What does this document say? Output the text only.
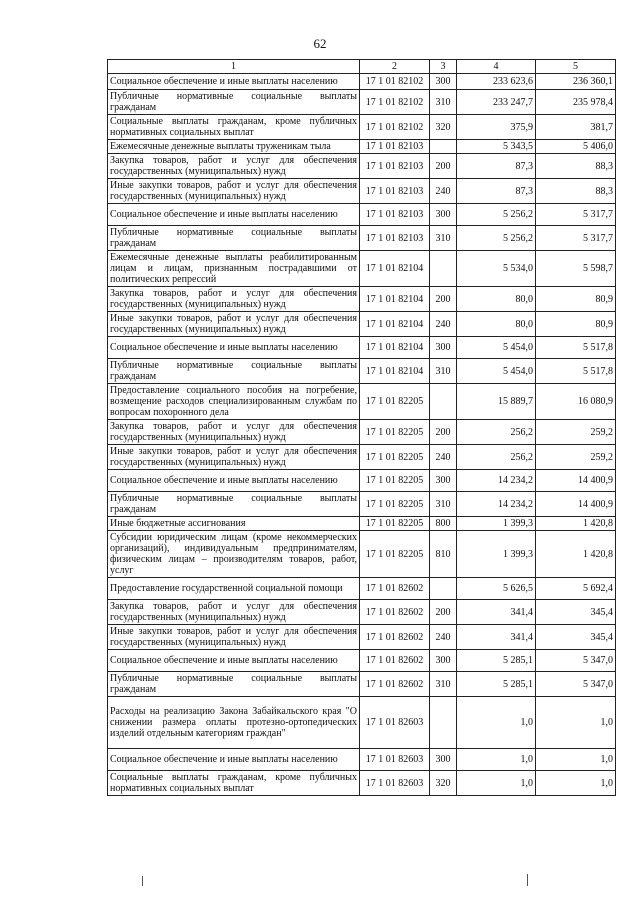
62
1	2	3	4	5
Социальное обеспечение и иные выплаты населению	17 1 01 82102	300	233 623,6	236 360,1
Публичные нормативные социальные выплаты гражданам	17 1 01 82102	310	233 247,7	235 978,4
Социальные выплаты гражданам, кроме публичных нормативных социальных выплат	17 1 01 82102	320	375,9	381,7
Ежемесячные денежные выплаты труженикам тыла	17 1 01 82103		5 343,5	5 406,0
Закупка товаров, работ и услуг для обеспечения государственных (муниципальных) нужд	17 1 01 82103	200	87,3	88,3
Иные закупки товаров, работ и услуг для обеспечения государственных (муниципальных) нужд	17 1 01 82103	240	87,3	88,3
Социальное обеспечение и иные выплаты населению	17 1 01 82103	300	5 256,2	5 317,7
Публичные нормативные социальные выплаты гражданам	17 1 01 82103	310	5 256,2	5 317,7
Ежемесячные денежные выплаты реабилитированным лицам и лицам, признанным пострадавшими от политических репрессий	17 1 01 82104		5 534,0	5 598,7
Закупка товаров, работ и услуг для обеспечения государственных (муниципальных) нужд	17 1 01 82104	200	80,0	80,9
Иные закупки товаров, работ и услуг для обеспечения государственных (муниципальных) нужд	17 1 01 82104	240	80,0	80,9
Социальное обеспечение и иные выплаты населению	17 1 01 82104	300	5 454,0	5 517,8
Публичные нормативные социальные выплаты гражданам	17 1 01 82104	310	5 454,0	5 517,8
Предоставление социального пособия на погребение, возмещение расходов специализированным службам по вопросам похоронного дела	17 1 01 82205		15 889,7	16 080,9
Закупка товаров, работ и услуг для обеспечения государственных (муниципальных) нужд	17 1 01 82205	200	256,2	259,2
Иные закупки товаров, работ и услуг для обеспечения государственных (муниципальных) нужд	17 1 01 82205	240	256,2	259,2
Социальное обеспечение и иные выплаты населению	17 1 01 82205	300	14 234,2	14 400,9
Публичные нормативные социальные выплаты гражданам	17 1 01 82205	310	14 234,2	14 400,9
Иные бюджетные ассигнования	17 1 01 82205	800	1 399,3	1 420,8
Субсидии юридическим лицам (кроме некоммерческих организаций), индивидуальным предпринимателям, физическим лицам – производителям товаров, работ, услуг	17 1 01 82205	810	1 399,3	1 420,8
Предоставление государственной социальной помощи	17 1 01 82602		5 626,5	5 692,4
Закупка товаров, работ и услуг для обеспечения государственных (муниципальных) нужд	17 1 01 82602	200	341,4	345,4
Иные закупки товаров, работ и услуг для обеспечения государственных (муниципальных) нужд	17 1 01 82602	240	341,4	345,4
Социальное обеспечение и иные выплаты населению	17 1 01 82602	300	5 285,1	5 347,0
Публичные нормативные социальные выплаты гражданам	17 1 01 82602	310	5 285,1	5 347,0
Расходы на реализацию Закона Забайкальского края "О снижении размера оплаты протезно-ортопедических изделий отдельным категориям граждан"	17 1 01 82603		1,0	1,0
Социальное обеспечение и иные выплаты населению	17 1 01 82603	300	1,0	1,0
Социальные выплаты гражданам, кроме публичных нормативных социальных выплат	17 1 01 82603	320	1,0	1,0
